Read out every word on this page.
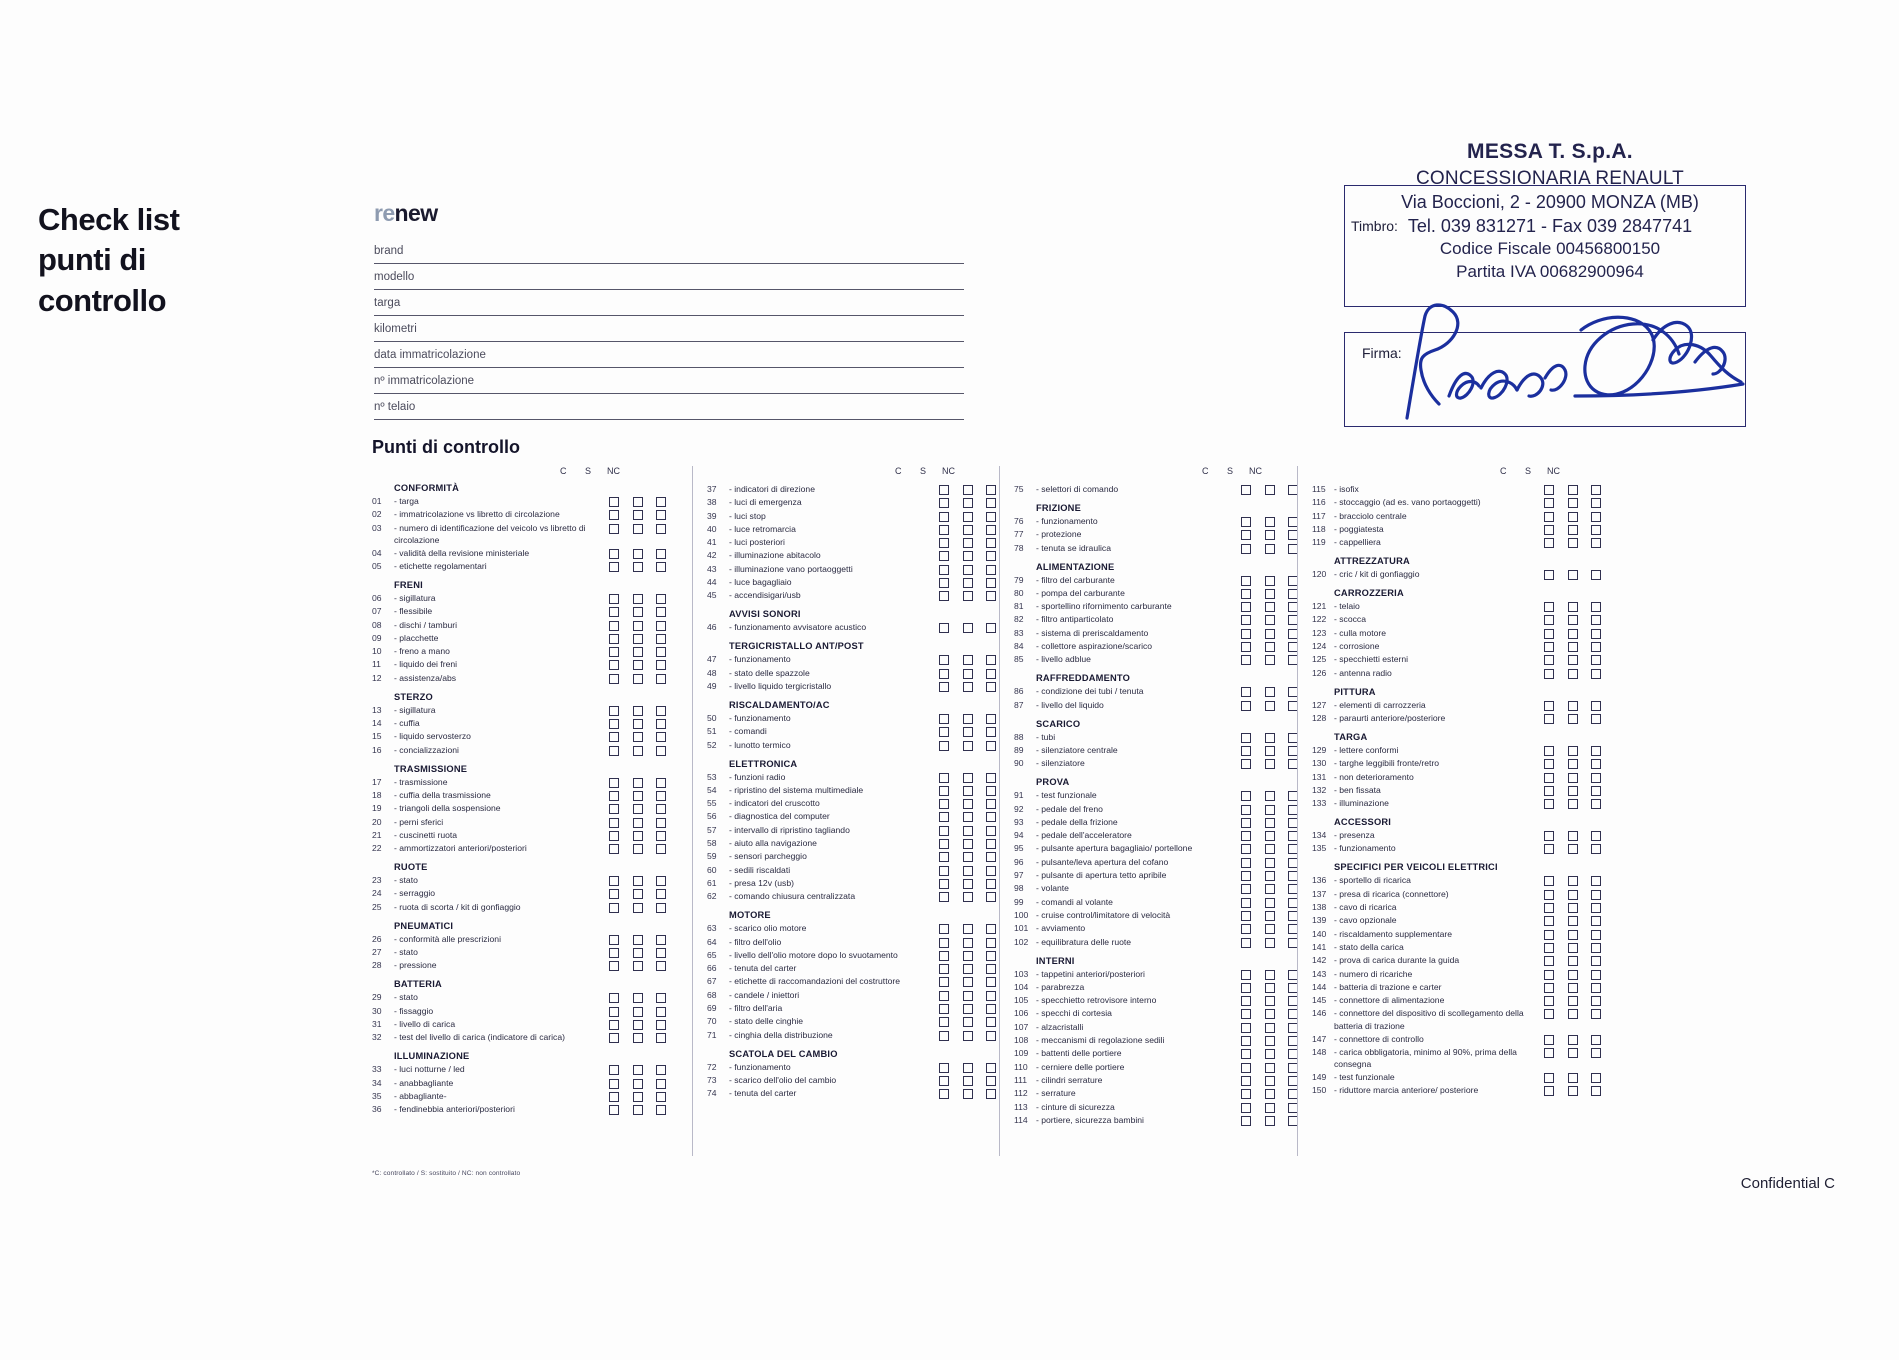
Check list
punti di
controllo
renew
brand
modello
targa
kilometri
data immatricolazione
nº immatricolazione
nº telaio
Timbro:
Firma:
MESSA T. S.p.A.
CONCESSIONARIA RENAULT
Via Boccioni, 2 - 20900 MONZA (MB)
Tel. 039 831271 - Fax 039 2847741
Codice Fiscale 00456800150
Partita IVA 00682900964
Punti di controllo
C S NC
CONFORMITÀ
01	- targa
02	- immatricolazione vs libretto di circolazione
03	- numero di identificazione del veicolo vs libretto di circolazione
04	- validità della revisione ministeriale
05	- etichette regolamentari
FRENI
06	- sigillatura
07	- flessibile
08	- dischi / tamburi
09	- placchette
10	- freno a mano
11	- liquido dei freni
12	- assistenza/abs
STERZO
13	- sigillatura
14	- cuffia
15	- liquido servosterzo
16	- concializzazioni
TRASMISSIONE
17	- trasmissione
18	- cuffia della trasmissione
19	- triangoli della sospensione
20	- perni sferici
21	- cuscinetti ruota
22	- ammortizzatori anteriori/posteriori
RUOTE
23	- stato
24	- serraggio
25	- ruota di scorta / kit di gonfiaggio
PNEUMATICI
26	- conformità alle prescrizioni
27	- stato
28	- pressione
BATTERIA
29	- stato
30	- fissaggio
31	- livello di carica
32	- test del livello di carica (indicatore di carica)
ILLUMINAZIONE
33	- luci notturne / led
34	- anabbagliante
35	- abbagliante-
36	- fendinebbia anteriori/posteriori
C S NC
37	- indicatori di direzione
38	- luci di emergenza
39	- luci stop
40	- luce retromarcia
41	- luci posteriori
42	- illuminazione abitacolo
43	- illuminazione vano portaoggetti
44	- luce bagagliaio
45	- accendisigari/usb
AVVISI SONORI
46	- funzionamento avvisatore acustico
TERGICRISTALLO ANT/POST
47	- funzionamento
48	- stato delle spazzole
49	- livello liquido tergicristallo
RISCALDAMENTO/AC
50	- funzionamento
51	- comandi
52	- lunotto termico
ELETTRONICA
53	- funzioni radio
54	- ripristino del sistema multimediale
55	- indicatori del cruscotto
56	- diagnostica del computer
57	- intervallo di ripristino tagliando
58	- aiuto alla navigazione
59	- sensori parcheggio
60	- sedili riscaldati
61	- presa 12v (usb)
62	- comando chiusura centralizzata
MOTORE
63	- scarico olio motore
64	- filtro dell'olio
65	- livello dell'olio motore dopo lo svuotamento
66	- tenuta del carter
67	- etichette di raccomandazioni del costruttore
68	- candele / iniettori
69	- filtro dell'aria
70	- stato delle cinghie
71	- cinghia della distribuzione
SCATOLA DEL CAMBIO
72	- funzionamento
73	- scarico dell'olio del cambio
74	- tenuta del carter
C S NC
75	- selettori di comando
FRIZIONE
76	- funzionamento
77	- protezione
78	- tenuta se idraulica
ALIMENTAZIONE
79	- filtro del carburante
80	- pompa del carburante
81	- sportellino rifornimento carburante
82	- filtro antiparticolato
83	- sistema di preriscaldamento
84	- collettore aspirazione/scarico
85	- livello adblue
RAFFREDDAMENTO
86	- condizione dei tubi / tenuta
87	- livello del liquido
SCARICO
88	- tubi
89	- silenziatore centrale
90	- silenziatore
PROVA
91	- test funzionale
92	- pedale del freno
93	- pedale della frizione
94	- pedale dell'acceleratore
95	- pulsante apertura bagagliaio/ portellone
96	- pulsante/leva apertura del cofano
97	- pulsante di apertura tetto apribile
98	- volante
99	- comandi al volante
100 - cruise control/limitatore di velocità
101 - avviamento
102 - equilibratura delle ruote
INTERNI
103 - tappetini anteriori/posteriori
104 - parabrezza
105 - specchietto retrovisore interno
106 - specchi di cortesia
107 - alzacristalli
108 - meccanismi di regolazione sedili
109 - battenti delle portiere
110 - cerniere delle portiere
111	- cilindri serrature
112 - serrature
113 - cinture di sicurezza
114 - portiere, sicurezza bambini
C S NC
115 - isofix
116 - stoccaggio (ad es. vano portaoggetti)
117 - bracciolo centrale
118 - poggiatesta
119 - cappelliera
ATTREZZATURA
120 - cric / kit di gonfiaggio
CARROZZERIA
121 - telaio
122 - scocca
123 - culla motore
124 - corrosione
125 - specchietti esterni
126 - antenna radio
PITTURA
127 - elementi di carrozzeria
128 - paraurti anteriore/posteriore
TARGA
129 - lettere conformi
130 - targhe leggibili fronte/retro
131 - non deterioramento
132 - ben fissata
133 - illuminazione
ACCESSORI
134 - presenza
135 - funzionamento
SPECIFICI PER VEICOLI ELETTRICI
136 - sportello di ricarica
137 - presa di ricarica (connettore)
138 - cavo di ricarica
139 - cavo opzionale
140 - riscaldamento supplementare
141 - stato della carica
142 - prova di carica durante la guida
143 - numero di ricariche
144 - batteria di trazione e carter
145 - connettore di alimentazione
146 - connettore del dispositivo di scollegamento della batteria di trazione
147 - connettore di controllo
148 - carica obbligatoria, minimo al 90%, prima della consegna
149 - test funzionale
150 - riduttore marcia anteriore/ posteriore
*C: controllato / S: sostituito / NC: non controllato
Confidential C
